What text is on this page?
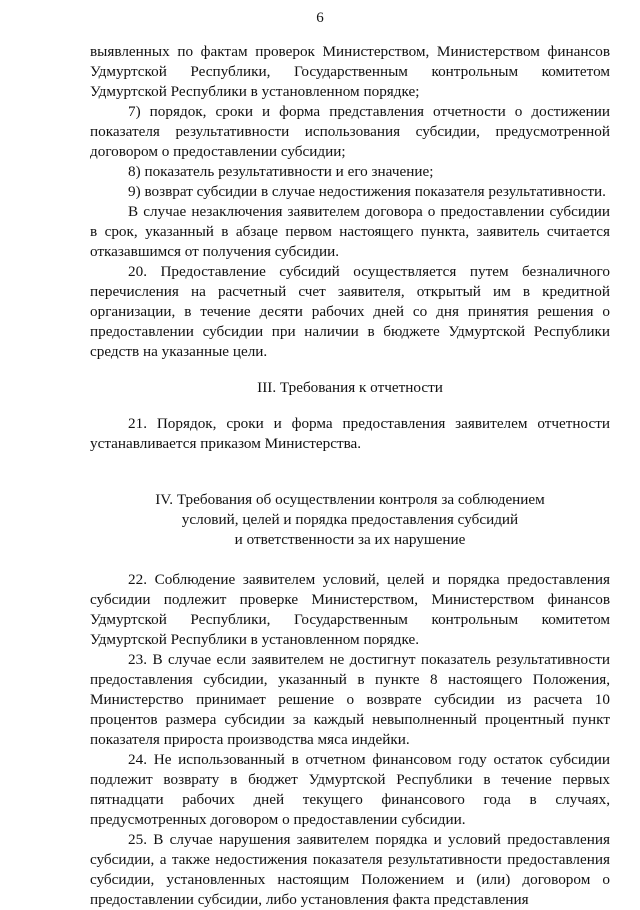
6

выявленных по фактам проверок Министерством, Министерством финансов Удмуртской Республики, Государственным контрольным комитетом Удмуртской Республики в установленном порядке;

7) порядок, сроки и форма представления отчетности о достижении показателя результативности использования субсидии, предусмотренной договором о предоставлении субсидии;

8) показатель результативности и его значение;

9) возврат субсидии в случае недостижения показателя результативности.

В случае незаключения заявителем договора о предоставлении субсидии в срок, указанный в абзаце первом настоящего пункта, заявитель считается отказавшимся от получения субсидии.

20. Предоставление субсидий осуществляется путем безналичного перечисления на расчетный счет заявителя, открытый им в кредитной организации, в течение десяти рабочих дней со дня принятия решения о предоставлении субсидии при наличии в бюджете Удмуртской Республики средств на указанные цели.

III. Требования к отчетности

21. Порядок, сроки и форма предоставления заявителем отчетности устанавливается приказом Министерства.

IV. Требования об осуществлении контроля за соблюдением

условий, целей и порядка предоставления субсидий

и ответственности за их нарушение

22. Соблюдение заявителем условий, целей и порядка предоставления субсидии подлежит проверке Министерством, Министерством финансов Удмуртской Республики, Государственным контрольным комитетом Удмуртской Республики в установленном порядке.

23. В случае если заявителем не достигнут показатель результативности предоставления субсидии, указанный в пункте 8 настоящего Положения, Министерство принимает решение о возврате субсидии из расчета 10 процентов размера субсидии за каждый невыполненный процентный пункт показателя прироста производства мяса индейки.

24. Не использованный в отчетном финансовом году остаток субсидии подлежит возврату в бюджет Удмуртской Республики в течение первых пятнадцати рабочих дней текущего финансового года в случаях, предусмотренных договором о предоставлении субсидии.

25. В случае нарушения заявителем порядка и условий предоставления субсидии, а также недостижения показателя результативности предоставления субсидии, установленных настоящим Положением и (или) договором о предоставлении субсидии, либо установления факта представления
